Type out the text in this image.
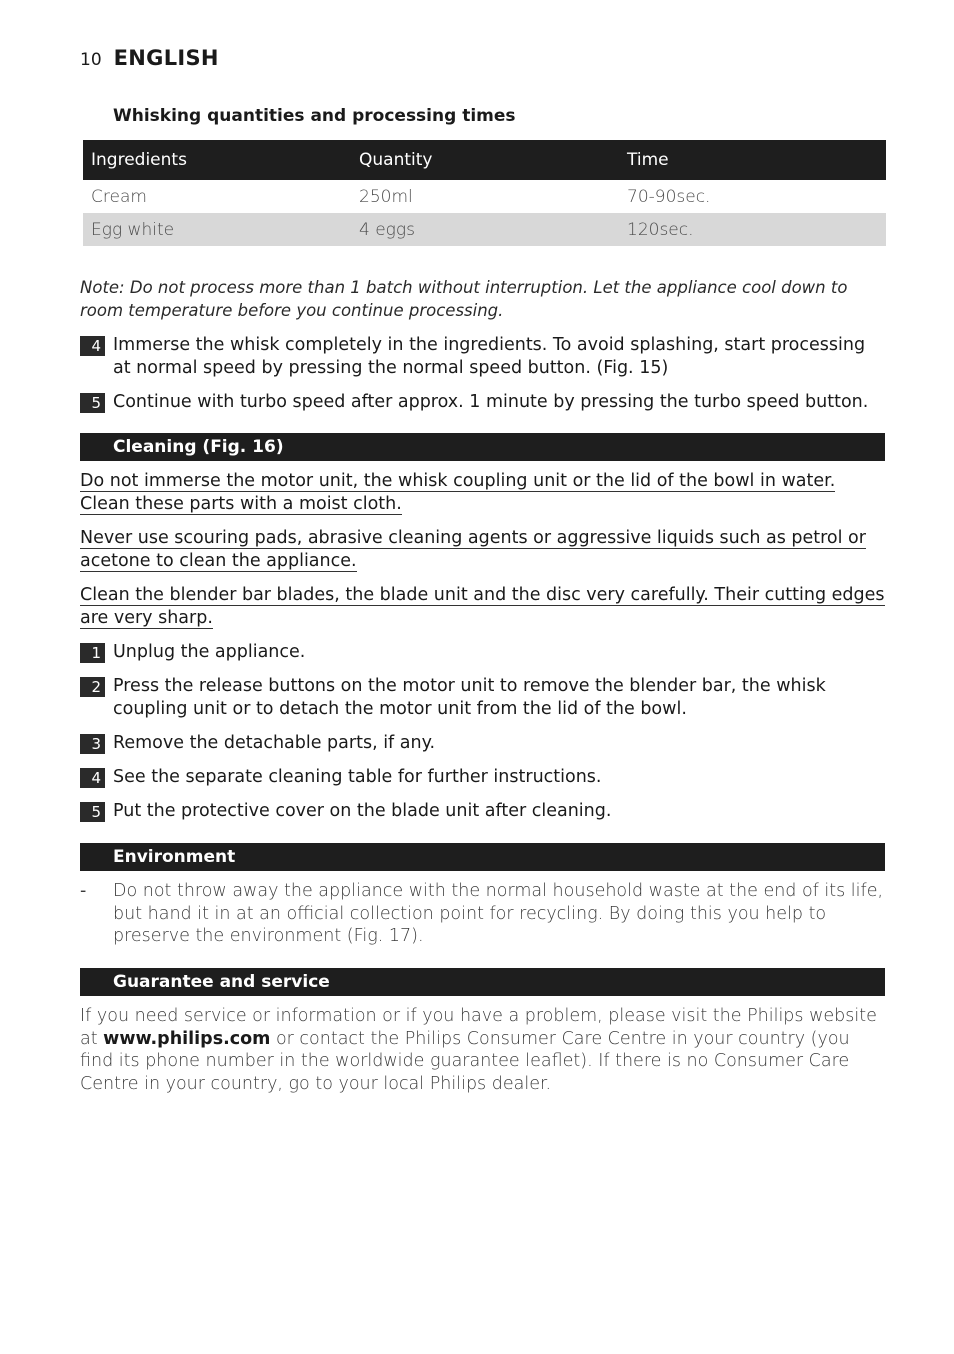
10 ENGLISH
Whisking quantities and processing times
Ingredients	Quantity	Time
Cream	250ml	70-90sec.
Egg white	4 eggs	120sec.
Note: Do not process more than 1 batch without interruption. Let the appliance cool down to room temperature before you continue processing.
4 Immerse the whisk completely in the ingredients. To avoid splashing, start processing at normal speed by pressing the normal speed button. (Fig. 15)
5 Continue with turbo speed after approx. 1 minute by pressing the turbo speed button.
Cleaning (Fig. 16)
Do not immerse the motor unit, the whisk coupling unit or the lid of the bowl in water. Clean these parts with a moist cloth.
Never use scouring pads, abrasive cleaning agents or aggressive liquids such as petrol or acetone to clean the appliance.
Clean the blender bar blades, the blade unit and the disc very carefully. Their cutting edges are very sharp.
1 Unplug the appliance.
2 Press the release buttons on the motor unit to remove the blender bar, the whisk coupling unit or to detach the motor unit from the lid of the bowl.
3 Remove the detachable parts, if any.
4 See the separate cleaning table for further instructions.
5 Put the protective cover on the blade unit after cleaning.
Environment
- Do not throw away the appliance with the normal household waste at the end of its life, but hand it in at an official collection point for recycling. By doing this you help to preserve the environment (Fig. 17).
Guarantee and service
If you need service or information or if you have a problem, please visit the Philips website at www.philips.com or contact the Philips Consumer Care Centre in your country (you find its phone number in the worldwide guarantee leaflet). If there is no Consumer Care Centre in your country, go to your local Philips dealer.
